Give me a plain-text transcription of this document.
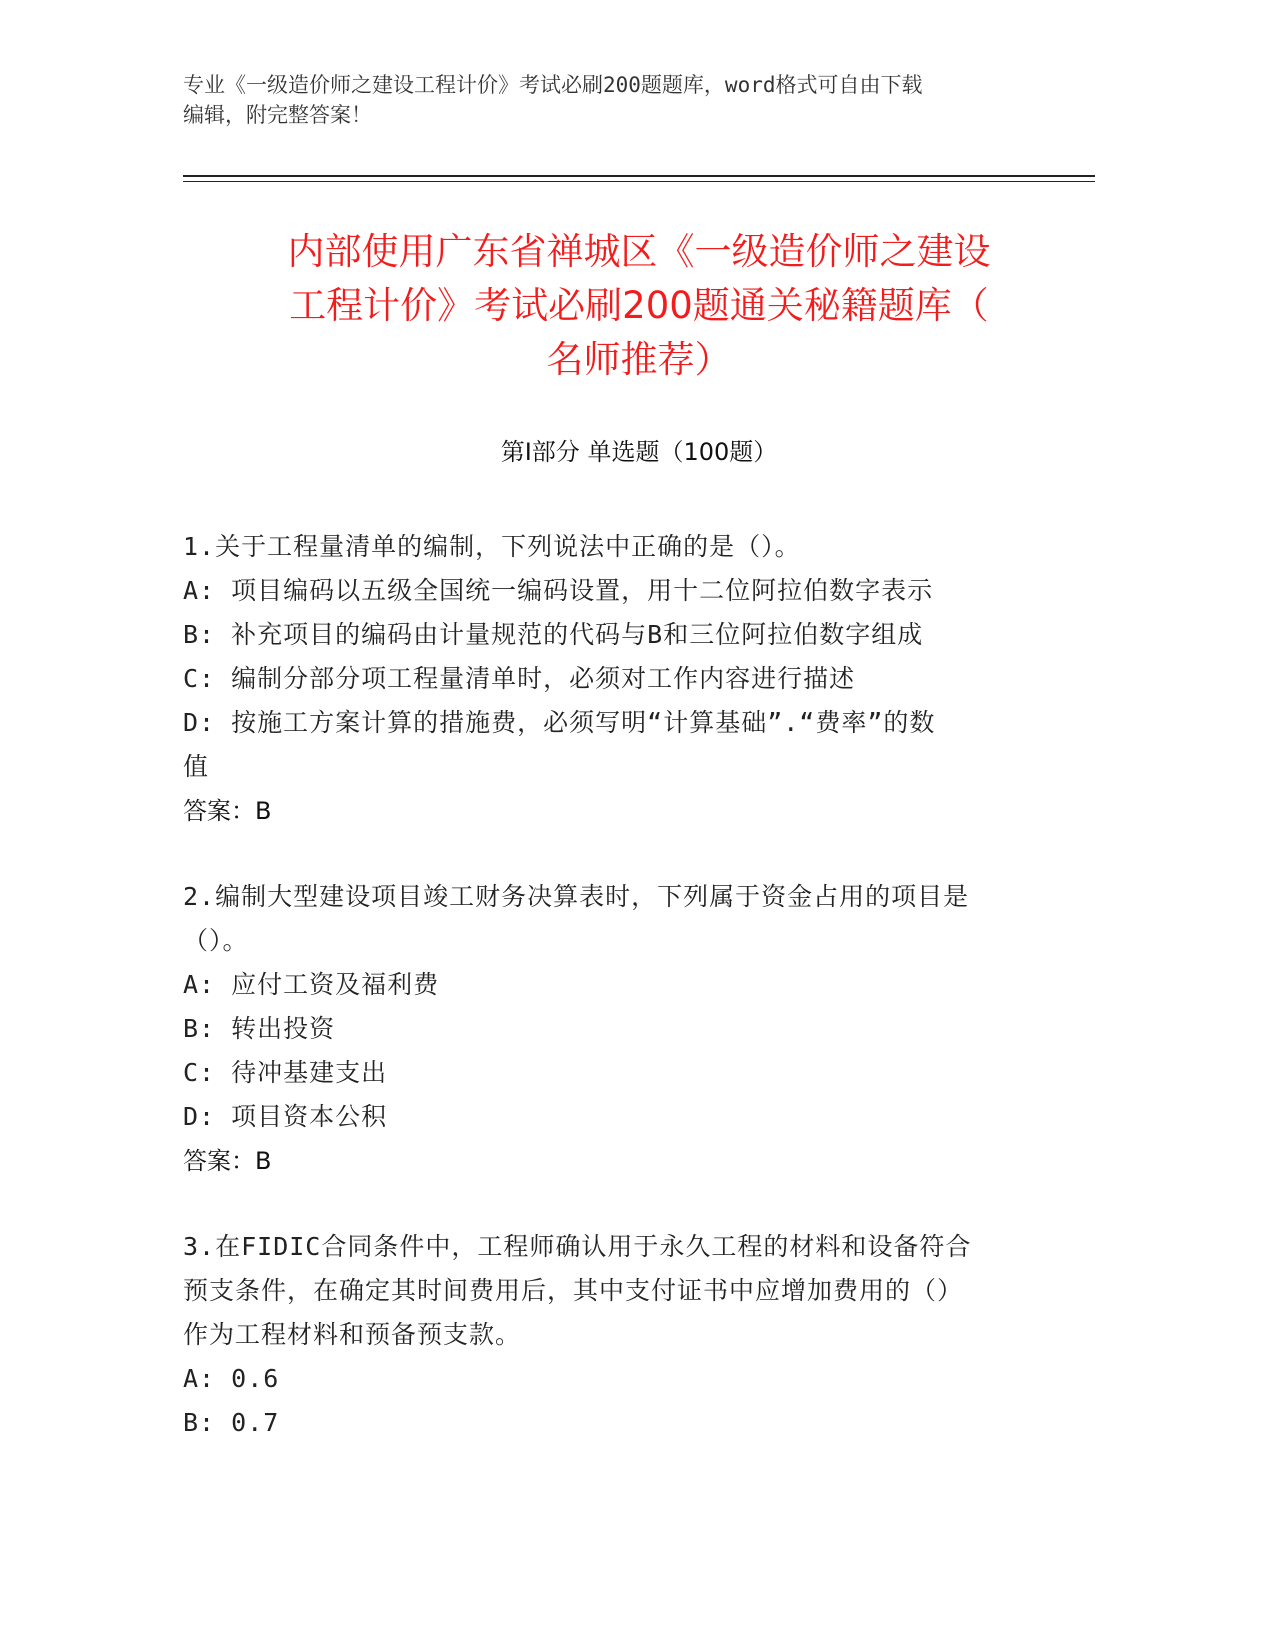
专业《一级造价师之建设工程计价》考试必刷200题题库，word格式可自由下载
编辑，附完整答案！
内部使用广东省禅城区《一级造价师之建设
工程计价》考试必刷200题通关秘籍题库（
名师推荐）
第Ⅰ部分 单选题（100题）
1.关于工程量清单的编制，下列说法中正确的是（）。
A: 项目编码以五级全国统一编码设置，用十二位阿拉伯数字表示
B: 补充项目的编码由计量规范的代码与B和三位阿拉伯数字组成
C: 编制分部分项工程量清单时，必须对工作内容进行描述
D: 按施工方案计算的措施费，必须写明“计算基础”.“费率”的数
值
答案：B
2.编制大型建设项目竣工财务决算表时，下列属于资金占用的项目是
（）。
A: 应付工资及福利费
B: 转出投资
C: 待冲基建支出
D: 项目资本公积
答案：B
3.在FIDIC合同条件中，工程师确认用于永久工程的材料和设备符合
预支条件，在确定其时间费用后，其中支付证书中应增加费用的（）
作为工程材料和预备预支款。
A: 0.6
B: 0.7
